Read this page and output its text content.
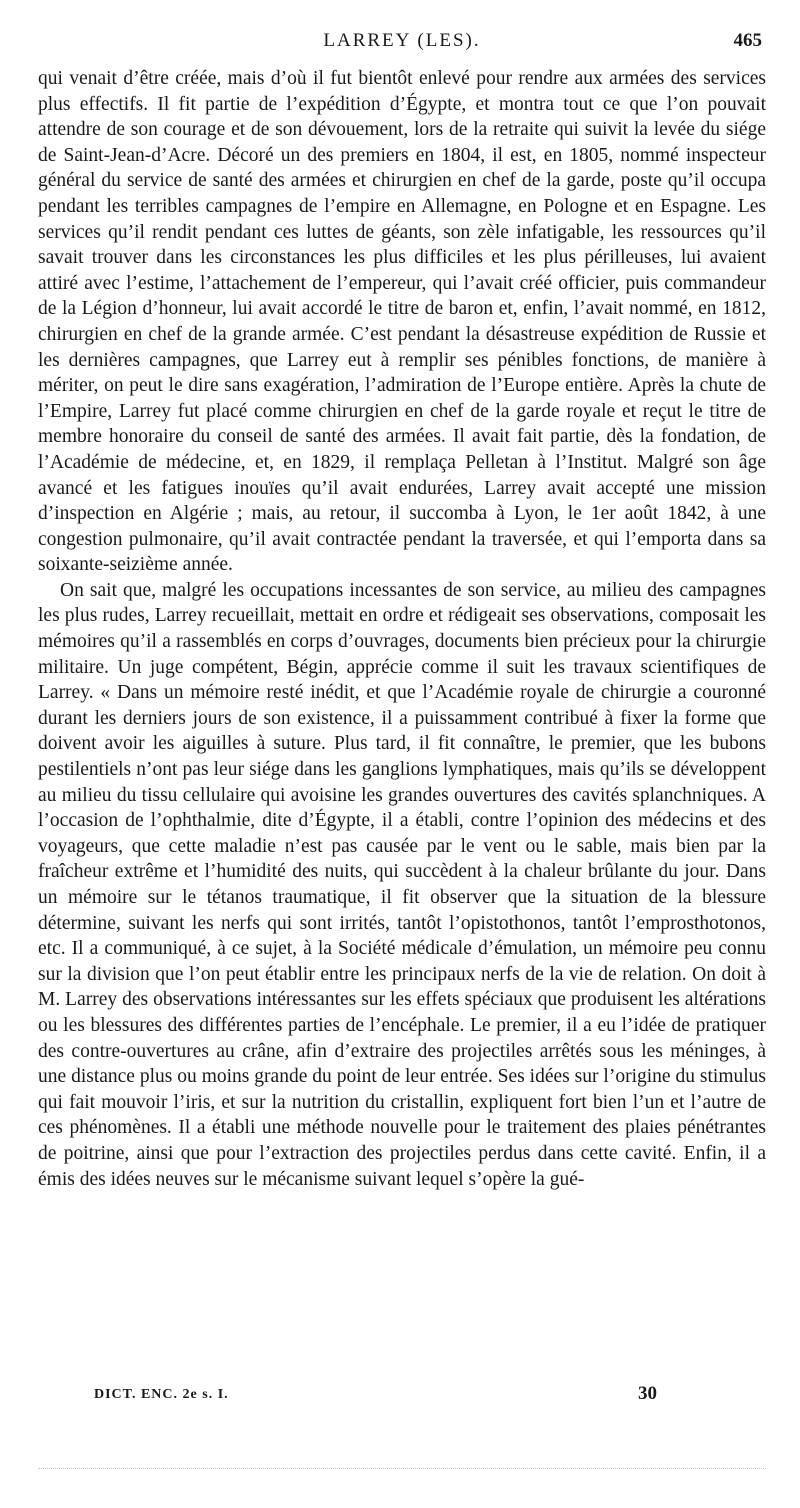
LARREY (LES).	465

qui venait d’être créée, mais d’où il fut bientôt enlevé pour rendre aux armées des services plus effectifs. Il fit partie de l’expédition d’Égypte, et montra tout ce que l’on pouvait attendre de son courage et de son dévouement, lors de la retraite qui suivit la levée du siége de Saint-Jean-d’Acre. Décoré un des premiers en 1804, il est, en 1805, nommé inspecteur général du service de santé des armées et chirurgien en chef de la garde, poste qu’il occupa pendant les terribles campagnes de l’empire en Allemagne, en Pologne et en Espagne. Les services qu’il rendit pendant ces luttes de géants, son zèle infatigable, les ressources qu’il savait trouver dans les circonstances les plus difficiles et les plus périlleuses, lui avaient attiré avec l’estime, l’attachement de l’empereur, qui l’avait créé officier, puis commandeur de la Légion d’honneur, lui avait accordé le titre de baron et, enfin, l’avait nommé, en 1812, chirurgien en chef de la grande armée. C’est pendant la désastreuse expédition de Russie et les dernières campagnes, que Larrey eut à remplir ses pénibles fonctions, de manière à mériter, on peut le dire sans exagération, l’admiration de l’Europe entière. Après la chute de l’Empire, Larrey fut placé comme chirurgien en chef de la garde royale et reçut le titre de membre honoraire du conseil de santé des armées. Il avait fait partie, dès la fondation, de l’Académie de médecine, et, en 1829, il remplaça Pelletan à l’Institut. Malgré son âge avancé et les fatigues inouïes qu’il avait endurées, Larrey avait accepté une mission d’inspection en Algérie ; mais, au retour, il succomba à Lyon, le 1er août 1842, à une congestion pulmonaire, qu’il avait contractée pendant la traversée, et qui l’emporta dans sa soixante-seizième année.

On sait que, malgré les occupations incessantes de son service, au milieu des campagnes les plus rudes, Larrey recueillait, mettait en ordre et rédigeait ses observations, composait les mémoires qu’il a rassemblés en corps d’ouvrages, documents bien précieux pour la chirurgie militaire. Un juge compétent, Bégin, apprécie comme il suit les travaux scientifiques de Larrey. « Dans un mémoire resté inédit, et que l’Académie royale de chirurgie a couronné durant les derniers jours de son existence, il a puissamment contribué à fixer la forme que doivent avoir les aiguilles à suture. Plus tard, il fit connaître, le premier, que les bubons pestilentiels n’ont pas leur siége dans les ganglions lymphatiques, mais qu’ils se développent au milieu du tissu cellulaire qui avoisine les grandes ouvertures des cavités splanchniques. A l’occasion de l’ophthalmie, dite d’Égypte, il a établi, contre l’opinion des médecins et des voyageurs, que cette maladie n’est pas causée par le vent ou le sable, mais bien par la fraîcheur extrême et l’humidité des nuits, qui succèdent à la chaleur brûlante du jour. Dans un mémoire sur le tétanos traumatique, il fit observer que la situation de la blessure détermine, suivant les nerfs qui sont irrités, tantôt l’opistothonos, tantôt l’emprosthotonos, etc. Il a communiqué, à ce sujet, à la Société médicale d’émulation, un mémoire peu connu sur la division que l’on peut établir entre les principaux nerfs de la vie de relation. On doit à M. Larrey des observations intéressantes sur les effets spéciaux que produisent les altérations ou les blessures des différentes parties de l’encéphale. Le premier, il a eu l’idée de pratiquer des contre-ouvertures au crâne, afin d’extraire des projectiles arrêtés sous les méninges, à une distance plus ou moins grande du point de leur entrée. Ses idées sur l’origine du stimulus qui fait mouvoir l’iris, et sur la nutrition du cristallin, expliquent fort bien l’un et l’autre de ces phénomènes. Il a établi une méthode nouvelle pour le traitement des plaies pénétrantes de poitrine, ainsi que pour l’extraction des projectiles perdus dans cette cavité. Enfin, il a émis des idées neuves sur le mécanisme suivant lequel s’opère la gué-

DICT. ENC. 2e s. I.	30
